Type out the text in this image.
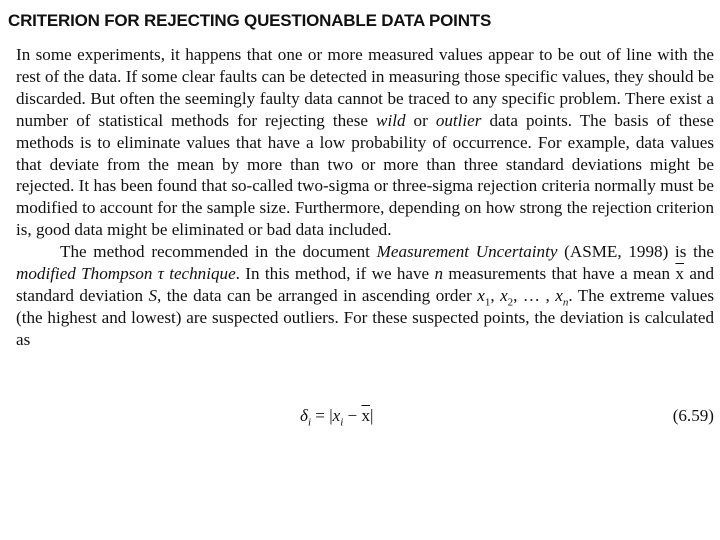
CRITERION FOR REJECTING QUESTIONABLE DATA POINTS

In some experiments, it happens that one or more measured values appear to be out of line with the rest of the data. If some clear faults can be detected in measuring those specific values, they should be discarded. But often the seemingly faulty data cannot be traced to any specific problem. There exist a number of statistical methods for rejecting these wild or outlier data points. The basis of these methods is to eliminate values that have a low probability of occurrence. For example, data values that deviate from the mean by more than two or more than three standard deviations might be rejected. It has been found that so-called two-sigma or three-sigma rejection criteria normally must be modified to account for the sample size. Furthermore, depending on how strong the rejection criterion is, good data might be eliminated or bad data included.

The method recommended in the document Measurement Uncertainty (ASME, 1998) is the modified Thompson τ technique. In this method, if we have n measurements that have a mean $\overline{x}$ and standard deviation S, the data can be arranged in ascending order $x_1$, $x_2$, … , $x_n$. The extreme values (the highest and lowest) are suspected outliers. For these suspected points, the deviation is calculated as

$\delta_i = |x_i - \overline{x}|$	(6.59)
